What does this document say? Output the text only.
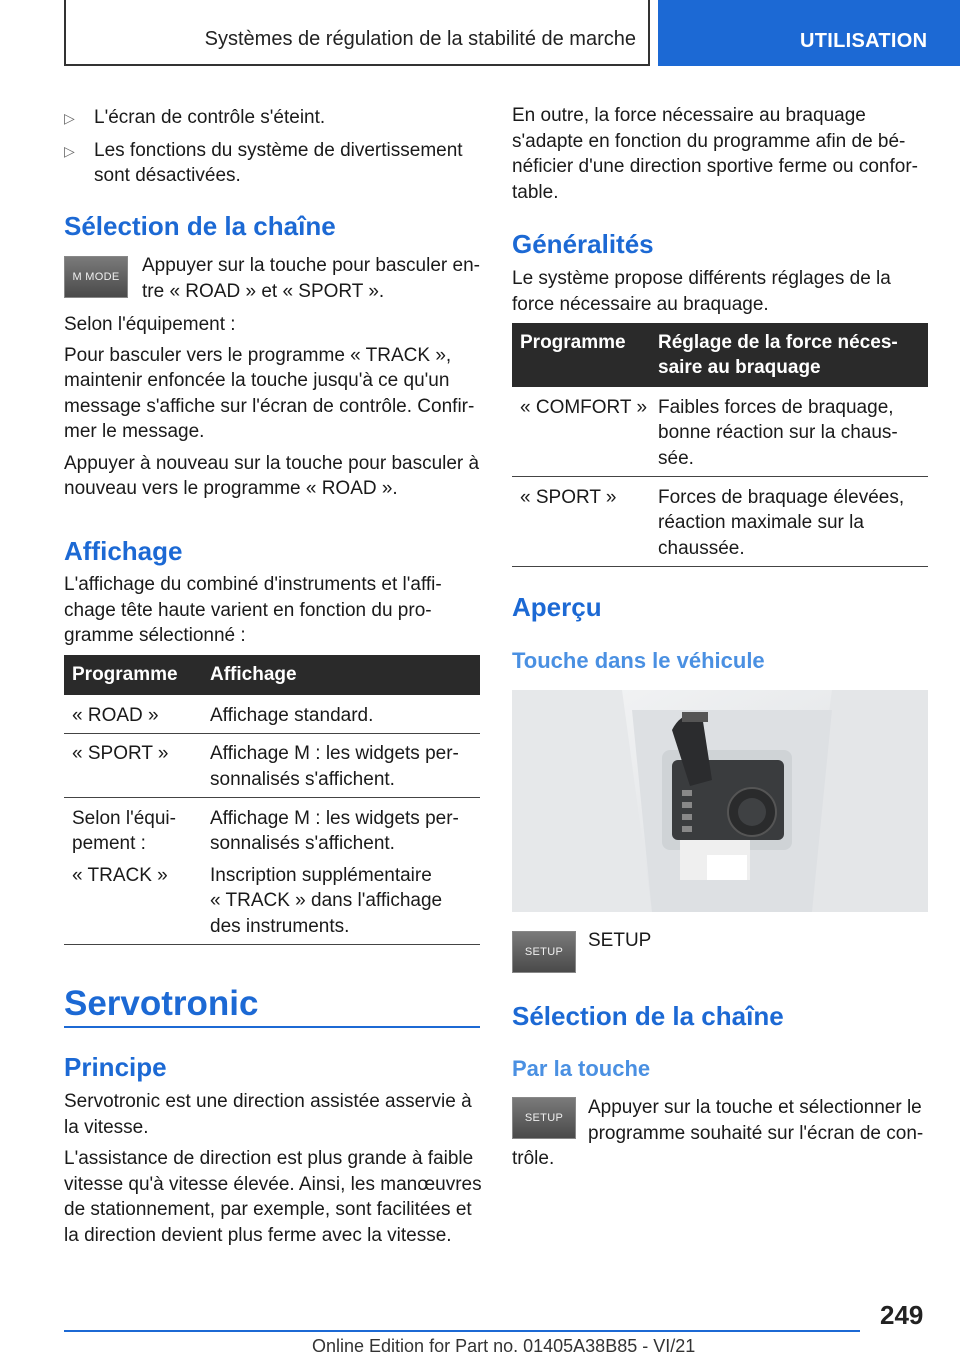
Systèmes de régulation de la stabilité de marche	UTILISATION
▷ L'écran de contrôle s'éteint.
▷ Les fonctions du système de divertissement
sont désactivées.
Sélection de la chaîne
M MODE
Appuyer sur la touche pour basculer en‐
tre « ROAD » et « SPORT ».
Selon l'équipement :
Pour basculer vers le programme « TRACK »,
maintenir enfoncée la touche jusqu'à ce qu'un
message s'affiche sur l'écran de contrôle. Confir‐
mer le message.
Appuyer à nouveau sur la touche pour basculer à
nouveau vers le programme « ROAD ».
Affichage
L'affichage du combiné d'instruments et l'affi‐
chage tête haute varient en fonction du pro‐
gramme sélectionné :
Programme Affichage
« ROAD »	Affichage standard.
« SPORT » Affichage M : les widgets per‐
sonnalisés s'affichent.
Selon l'équi‐
pement :
Affichage M : les widgets per‐
sonnalisés s'affichent.
« TRACK » Inscription supplémentaire
« TRACK » dans l'affichage
des instruments.
Servotronic
Principe
Servotronic est une direction assistée asservie à
la vitesse.
L'assistance de direction est plus grande à faible
vitesse qu'à vitesse élevée. Ainsi, les manœuvres
de stationnement, par exemple, sont facilitées et
la direction devient plus ferme avec la vitesse.
En outre, la force nécessaire au braquage
s'adapte en fonction du programme afin de bé‐
néficier d'une direction sportive ferme ou confor‐
table.
Généralités
Le système propose différents réglages de la
force nécessaire au braquage.
Programme Réglage de la force néces‐
saire au braquage
« COMFORT » Faibles forces de braquage,
bonne réaction sur la chaus‐
sée.
« SPORT » Forces de braquage élevées,
réaction maximale sur la
chaussée.
Aperçu
Touche dans le véhicule
SETUP
SETUP
Sélection de la chaîne
Par la touche
SETUP Appuyer sur la touche et sélectionner le
programme souhaité sur l'écran de con‐
trôle.
249
Online Edition for Part no. 01405A38B85 - VI/21
